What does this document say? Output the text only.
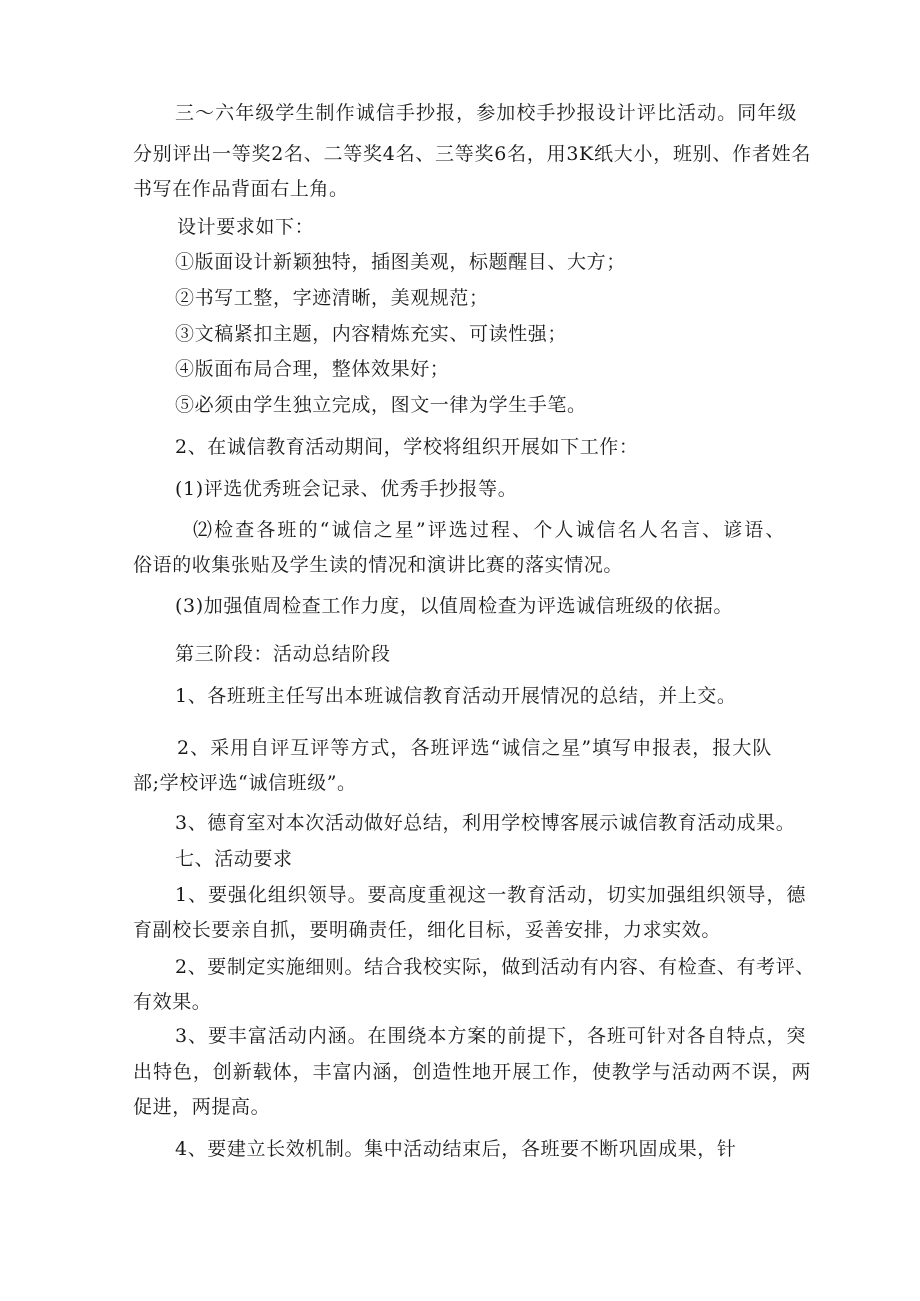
三～六年级学生制作诚信手抄报，参加校手抄报设计评比活动。同年级
分别评出一等奖2名、二等奖4名、三等奖6名，用3K纸大小，班别、作者姓名
书写在作品背面右上角。
设计要求如下：
①版面设计新颖独特，插图美观，标题醒目、大方；
②书写工整，字迹清晰，美观规范；
③文稿紧扣主题，内容精炼充实、可读性强；
④版面布局合理，整体效果好；
⑤必须由学生独立完成，图文一律为学生手笔。
2、在诚信教育活动期间，学校将组织开展如下工作：
(1)评选优秀班会记录、优秀手抄报等。
⑵检查各班的“诚信之星”评选过程、个人诚信名人名言、谚语、
俗语的收集张贴及学生读的情况和演讲比赛的落实情况。
(3)加强值周检查工作力度，以值周检查为评选诚信班级的依据。
第三阶段：活动总结阶段
1、各班班主任写出本班诚信教育活动开展情况的总结，并上交。
2、采用自评互评等方式，各班评选“诚信之星”填写申报表，报大队
部;学校评选“诚信班级”。
3、德育室对本次活动做好总结，利用学校博客展示诚信教育活动成果。
七、活动要求
1、要强化组织领导。要高度重视这一教育活动，切实加强组织领导，德
育副校长要亲自抓，要明确责任，细化目标，妥善安排，力求实效。
2、要制定实施细则。结合我校实际，做到活动有内容、有检查、有考评、
有效果。
3、要丰富活动内涵。在围绕本方案的前提下，各班可针对各自特点，突
出特色，创新载体，丰富内涵，创造性地开展工作，使教学与活动两不误，两
促进，两提高。
4、要建立长效机制。集中活动结束后，各班要不断巩固成果，针
